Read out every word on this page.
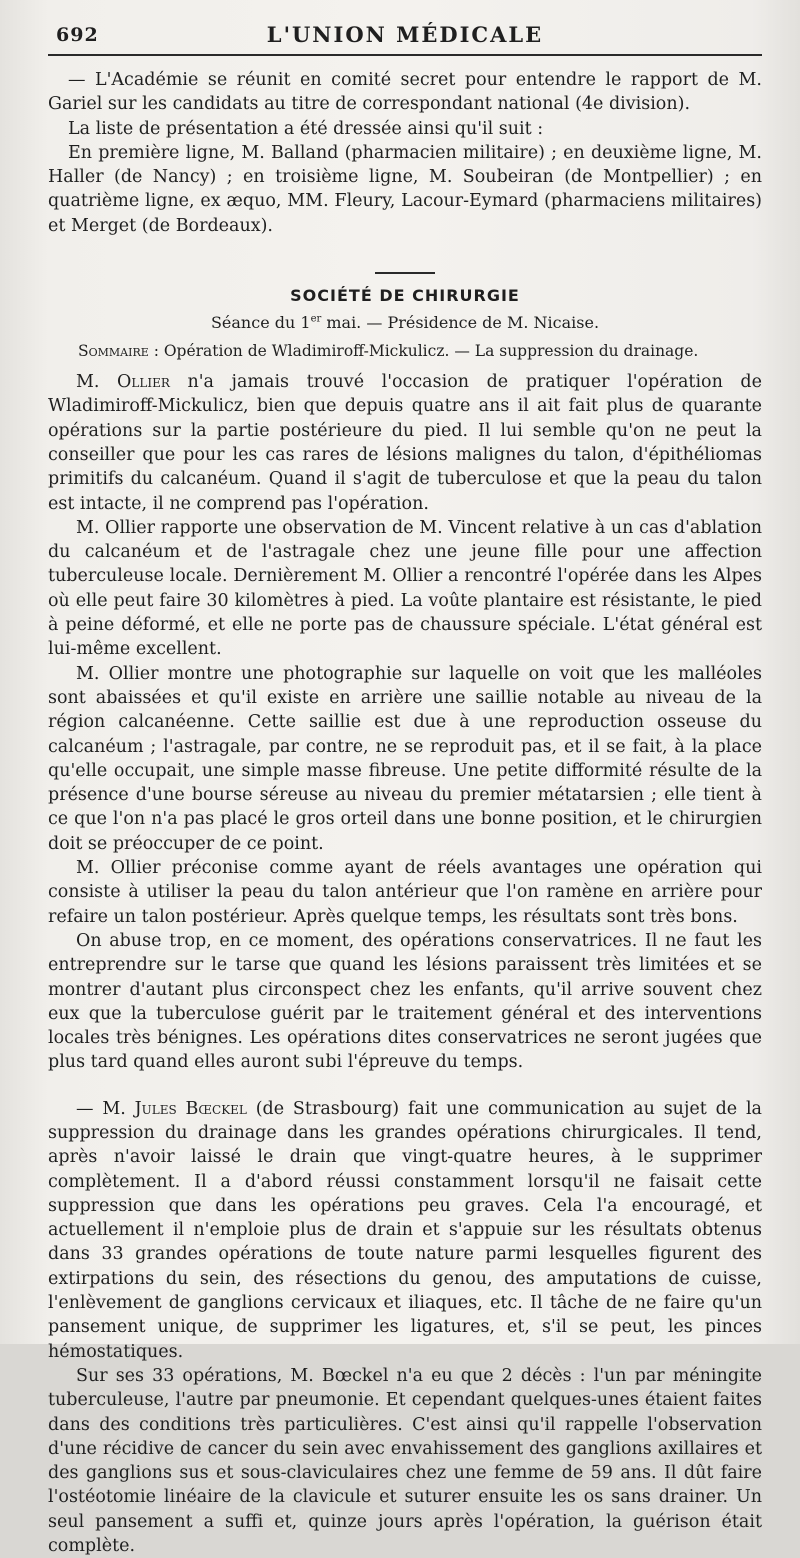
692	L'UNION MÉDICALE

— L'Académie se réunit en comité secret pour entendre le rapport de M. Gariel sur les candidats au titre de correspondant national (4e division).

La liste de présentation a été dressée ainsi qu'il suit :

En première ligne, M. Balland (pharmacien militaire) ; en deuxième ligne, M. Haller (de Nancy) ; en troisième ligne, M. Soubeiran (de Montpellier) ; en quatrième ligne, ex æquo, MM. Fleury, Lacour-Eymard (pharmaciens militaires) et Merget (de Bordeaux).

SOCIÉTÉ DE CHIRURGIE
Séance du 1er mai. — Présidence de M. Nicaise.

Sommaire : Opération de Wladimiroff-Mickulicz. — La suppression du drainage.

M. Ollier n'a jamais trouvé l'occasion de pratiquer l'opération de Wladimiroff-Mickulicz, bien que depuis quatre ans il ait fait plus de quarante opérations sur la partie postérieure du pied. Il lui semble qu'on ne peut la conseiller que pour les cas rares de lésions malignes du talon, d'épithéliomas primitifs du calcanéum. Quand il s'agit de tuberculose et que la peau du talon est intacte, il ne comprend pas l'opération.

M. Ollier rapporte une observation de M. Vincent relative à un cas d'ablation du calcanéum et de l'astragale chez une jeune fille pour une affection tuberculeuse locale. Dernièrement M. Ollier a rencontré l'opérée dans les Alpes où elle peut faire 30 kilomètres à pied. La voûte plantaire est résistante, le pied à peine déformé, et elle ne porte pas de chaussure spéciale. L'état général est lui-même excellent.

M. Ollier montre une photographie sur laquelle on voit que les malléoles sont abaissées et qu'il existe en arrière une saillie notable au niveau de la région calcanéenne. Cette saillie est due à une reproduction osseuse du calcanéum ; l'astragale, par contre, ne se reproduit pas, et il se fait, à la place qu'elle occupait, une simple masse fibreuse. Une petite difformité résulte de la présence d'une bourse séreuse au niveau du premier métatarsien ; elle tient à ce que l'on n'a pas placé le gros orteil dans une bonne position, et le chirurgien doit se préoccuper de ce point.

M. Ollier préconise comme ayant de réels avantages une opération qui consiste à utiliser la peau du talon antérieur que l'on ramène en arrière pour refaire un talon postérieur. Après quelque temps, les résultats sont très bons.

On abuse trop, en ce moment, des opérations conservatrices. Il ne faut les entreprendre sur le tarse que quand les lésions paraissent très limitées et se montrer d'autant plus circonspect chez les enfants, qu'il arrive souvent chez eux que la tuberculose guérit par le traitement général et des interventions locales très bénignes. Les opérations dites conservatrices ne seront jugées que plus tard quand elles auront subi l'épreuve du temps.

— M. Jules Bœckel (de Strasbourg) fait une communication au sujet de la suppression du drainage dans les grandes opérations chirurgicales. Il tend, après n'avoir laissé le drain que vingt-quatre heures, à le supprimer complètement. Il a d'abord réussi constamment lorsqu'il ne faisait cette suppression que dans les opérations peu graves. Cela l'a encouragé, et actuellement il n'emploie plus de drain et s'appuie sur les résultats obtenus dans 33 grandes opérations de toute nature parmi lesquelles figurent des extirpations du sein, des résections du genou, des amputations de cuisse, l'enlèvement de ganglions cervicaux et iliaques, etc. Il tâche de ne faire qu'un pansement unique, de supprimer les ligatures, et, s'il se peut, les pinces hémostatiques.

Sur ses 33 opérations, M. Bœckel n'a eu que 2 décès : l'un par méningite tuberculeuse, l'autre par pneumonie. Et cependant quelques-unes étaient faites dans des conditions très particulières. C'est ainsi qu'il rappelle l'observation d'une récidive de cancer du sein avec envahissement des ganglions axillaires et des ganglions sus et sous-claviculaires chez une femme de 59 ans. Il dût faire l'ostéotomie linéaire de la clavicule et suturer ensuite les os sans drainer. Un seul pansement a suffi et, quinze jours après l'opération, la guérison était complète.
